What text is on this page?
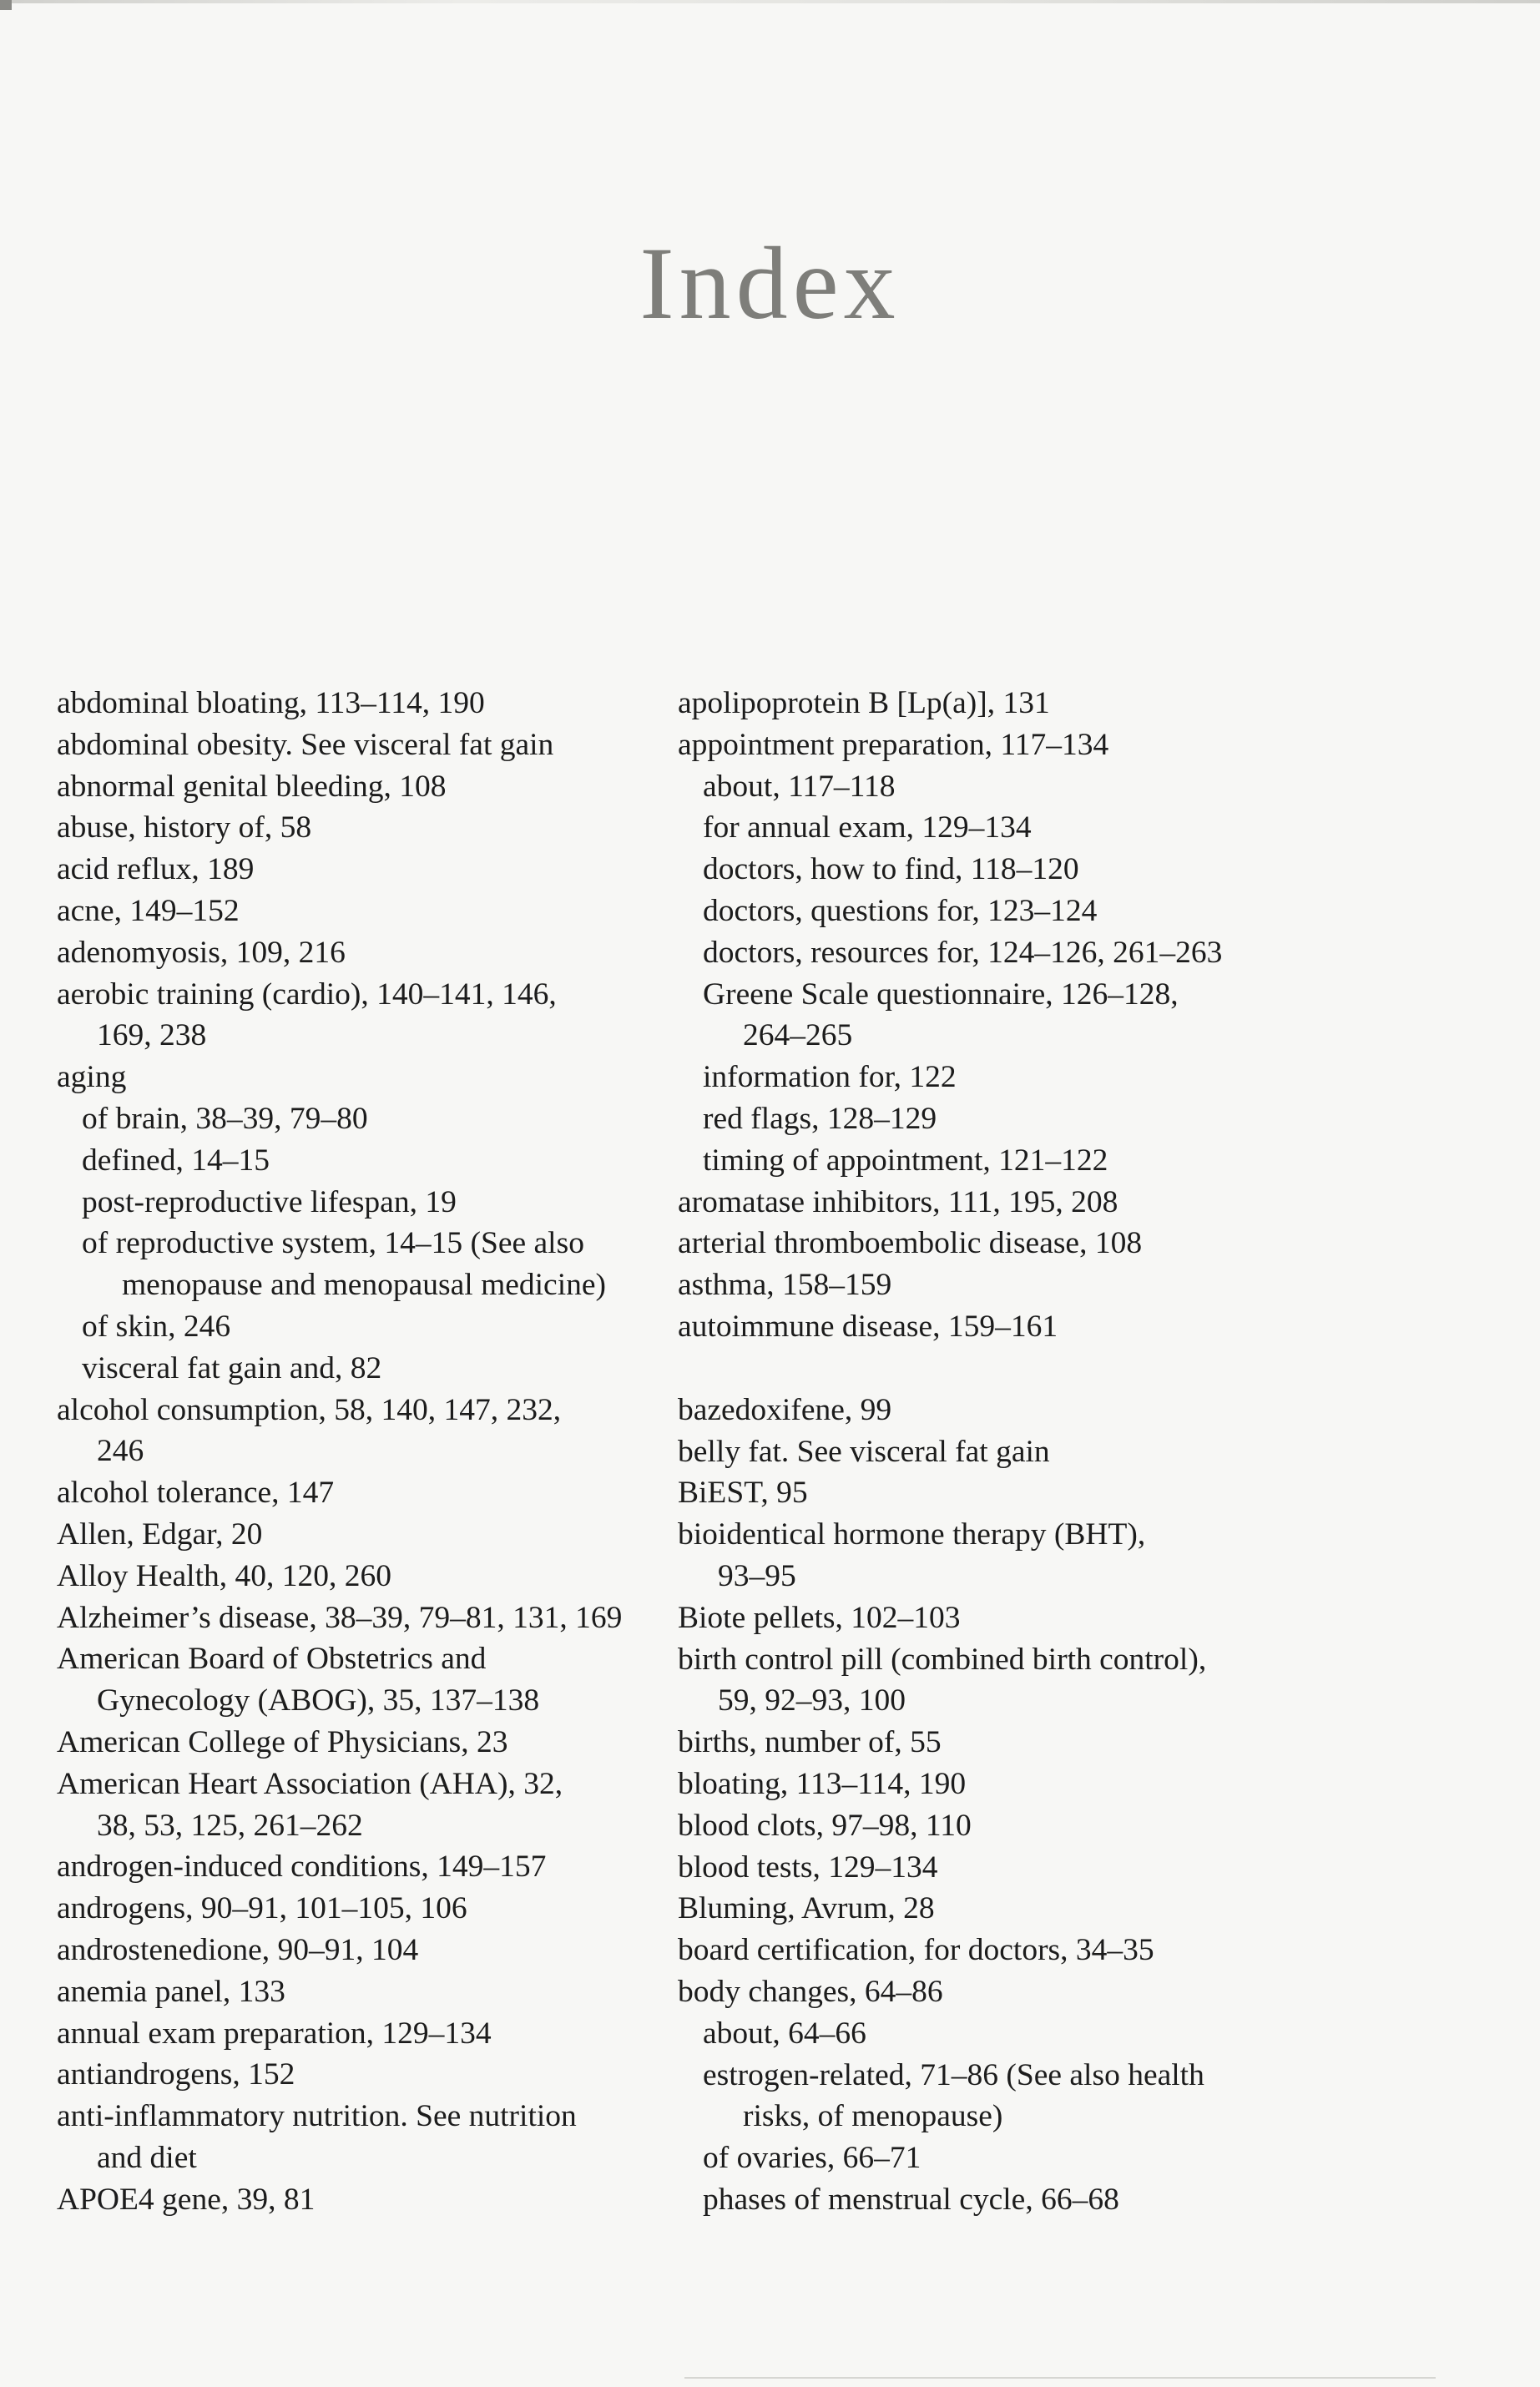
Index
abdominal bloating, 113–114, 190
abdominal obesity. See visceral fat gain
abnormal genital bleeding, 108
abuse, history of, 58
acid reflux, 189
acne, 149–152
adenomyosis, 109, 216
aerobic training (cardio), 140–141, 146,
169, 238
aging
of brain, 38–39, 79–80
defined, 14–15
post-reproductive lifespan, 19
of reproductive system, 14–15 (See also
menopause and menopausal medicine)
of skin, 246
visceral fat gain and, 82
alcohol consumption, 58, 140, 147, 232,
246
alcohol tolerance, 147
Allen, Edgar, 20
Alloy Health, 40, 120, 260
Alzheimer’s disease, 38–39, 79–81, 131, 169
American Board of Obstetrics and
Gynecology (ABOG), 35, 137–138
American College of Physicians, 23
American Heart Association (AHA), 32,
38, 53, 125, 261–262
androgen-induced conditions, 149–157
androgens, 90–91, 101–105, 106
androstenedione, 90–91, 104
anemia panel, 133
annual exam preparation, 129–134
antiandrogens, 152
anti-inflammatory nutrition. See nutrition
and diet
APOE4 gene, 39, 81
apolipoprotein B [Lp(a)], 131
appointment preparation, 117–134
about, 117–118
for annual exam, 129–134
doctors, how to find, 118–120
doctors, questions for, 123–124
doctors, resources for, 124–126, 261–263
Greene Scale questionnaire, 126–128,
264–265
information for, 122
red flags, 128–129
timing of appointment, 121–122
aromatase inhibitors, 111, 195, 208
arterial thromboembolic disease, 108
asthma, 158–159
autoimmune disease, 159–161
bazedoxifene, 99
belly fat. See visceral fat gain
BiEST, 95
bioidentical hormone therapy (BHT),
93–95
Biote pellets, 102–103
birth control pill (combined birth control),
59, 92–93, 100
births, number of, 55
bloating, 113–114, 190
blood clots, 97–98, 110
blood tests, 129–134
Bluming, Avrum, 28
board certification, for doctors, 34–35
body changes, 64–86
about, 64–66
estrogen-related, 71–86 (See also health
risks, of menopause)
of ovaries, 66–71
phases of menstrual cycle, 66–68
